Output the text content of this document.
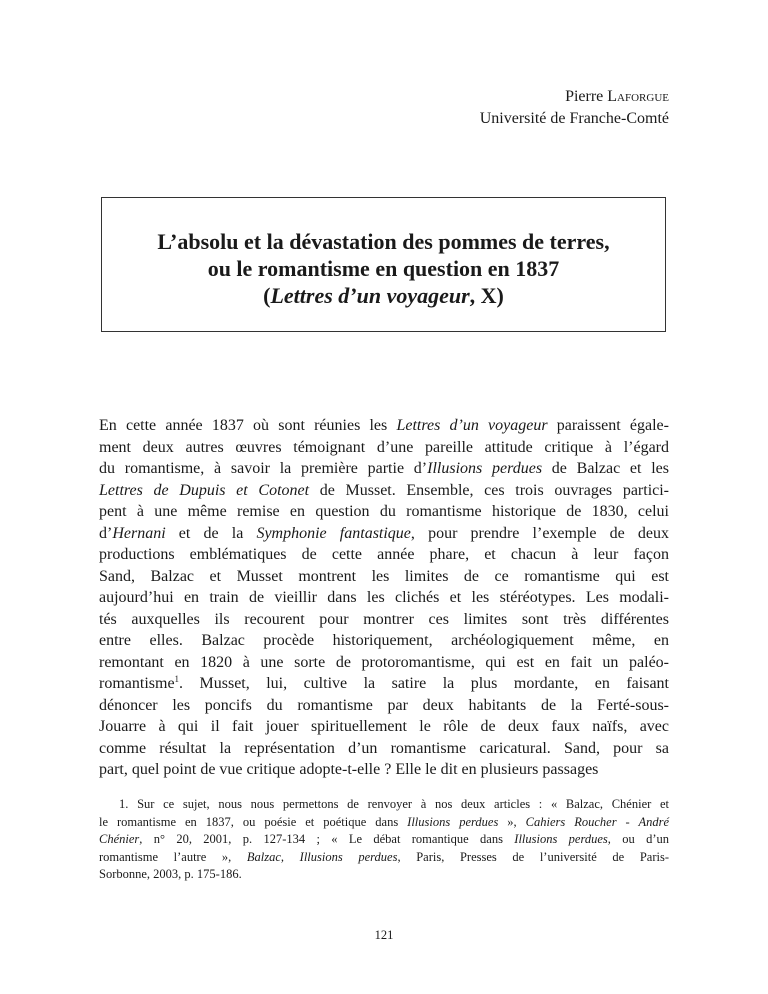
Pierre Laforgue
Université de Franche-Comté
L’absolu et la dévastation des pommes de terres,
ou le romantisme en question en 1837
(Lettres d’un voyageur, X)
En cette année 1837 où sont réunies les Lettres d’un voyageur paraissent égale-
ment deux autres œuvres témoignant d’une pareille attitude critique à l’égard
du romantisme, à savoir la première partie d’Illusions perdues de Balzac et les
Lettres de Dupuis et Cotonet de Musset. Ensemble, ces trois ouvrages partici-
pent à une même remise en question du romantisme historique de 1830, celui
d’Hernani et de la Symphonie fantastique, pour prendre l’exemple de deux
productions emblématiques de cette année phare, et chacun à leur façon
Sand, Balzac et Musset montrent les limites de ce romantisme qui est
aujourd’hui en train de vieillir dans les clichés et les stéréotypes. Les modali-
tés auxquelles ils recourent pour montrer ces limites sont très différentes
entre elles. Balzac procède historiquement, archéologiquement même, en
remontant en 1820 à une sorte de protoromantisme, qui est en fait un paléo-
romantisme$^1$. Musset, lui, cultive la satire la plus mordante, en faisant
dénoncer les poncifs du romantisme par deux habitants de la Ferté-sous-
Jouarre à qui il fait jouer spirituellement le rôle de deux faux naïfs, avec
comme résultat la représentation d’un romantisme caricatural. Sand, pour sa
part, quel point de vue critique adopte-t-elle ? Elle le dit en plusieurs passages
1. Sur ce sujet, nous nous permettons de renvoyer à nos deux articles : « Balzac, Chénier et
le romantisme en 1837, ou poésie et poétique dans Illusions perdues », Cahiers Roucher - André
Chénier, n° 20, 2001, p. 127-134 ; « Le débat romantique dans Illusions perdues, ou d’un
romantisme l’autre », Balzac, Illusions perdues, Paris, Presses de l’université de Paris-
Sorbonne, 2003, p. 175-186.
121
